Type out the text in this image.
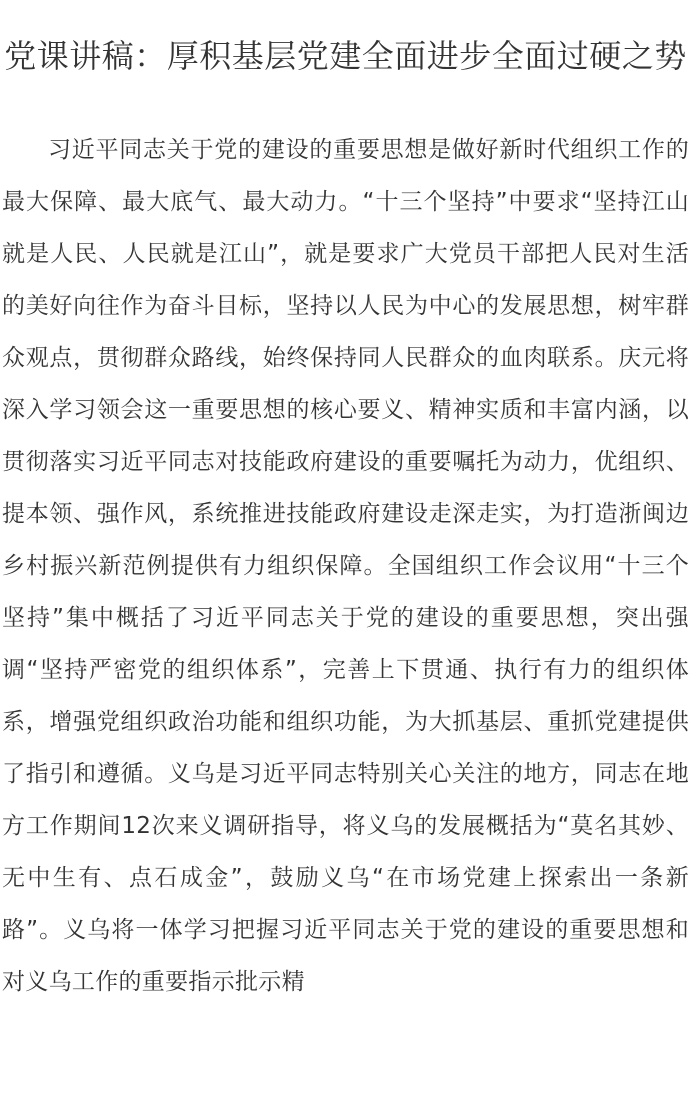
党课讲稿：厚积基层党建全面进步全面过硬之势

习近平同志关于党的建设的重要思想是做好新时代组织工作的最大保障、最大底气、最大动力。“十三个坚持”中要求“坚持江山就是人民、人民就是江山”，就是要求广大党员干部把人民对生活的美好向往作为奋斗目标，坚持以人民为中心的发展思想，树牢群众观点，贯彻群众路线，始终保持同人民群众的血肉联系。庆元将深入学习领会这一重要思想的核心要义、精神实质和丰富内涵，以贯彻落实习近平同志对技能政府建设的重要嘱托为动力，优组织、提本领、强作风，系统推进技能政府建设走深走实，为打造浙闽边乡村振兴新范例提供有力组织保障。全国组织工作会议用“十三个坚持”集中概括了习近平同志关于党的建设的重要思想，突出强调“坚持严密党的组织体系”，完善上下贯通、执行有力的组织体系，增强党组织政治功能和组织功能，为大抓基层、重抓党建提供了指引和遵循。义乌是习近平同志特别关心关注的地方，同志在地方工作期间12次来义调研指导，将义乌的发展概括为“莫名其妙、无中生有、点石成金”，鼓励义乌“在市场党建上探索出一条新路”。义乌将一体学习把握习近平同志关于党的建设的重要思想和对义乌工作的重要指示批示精
